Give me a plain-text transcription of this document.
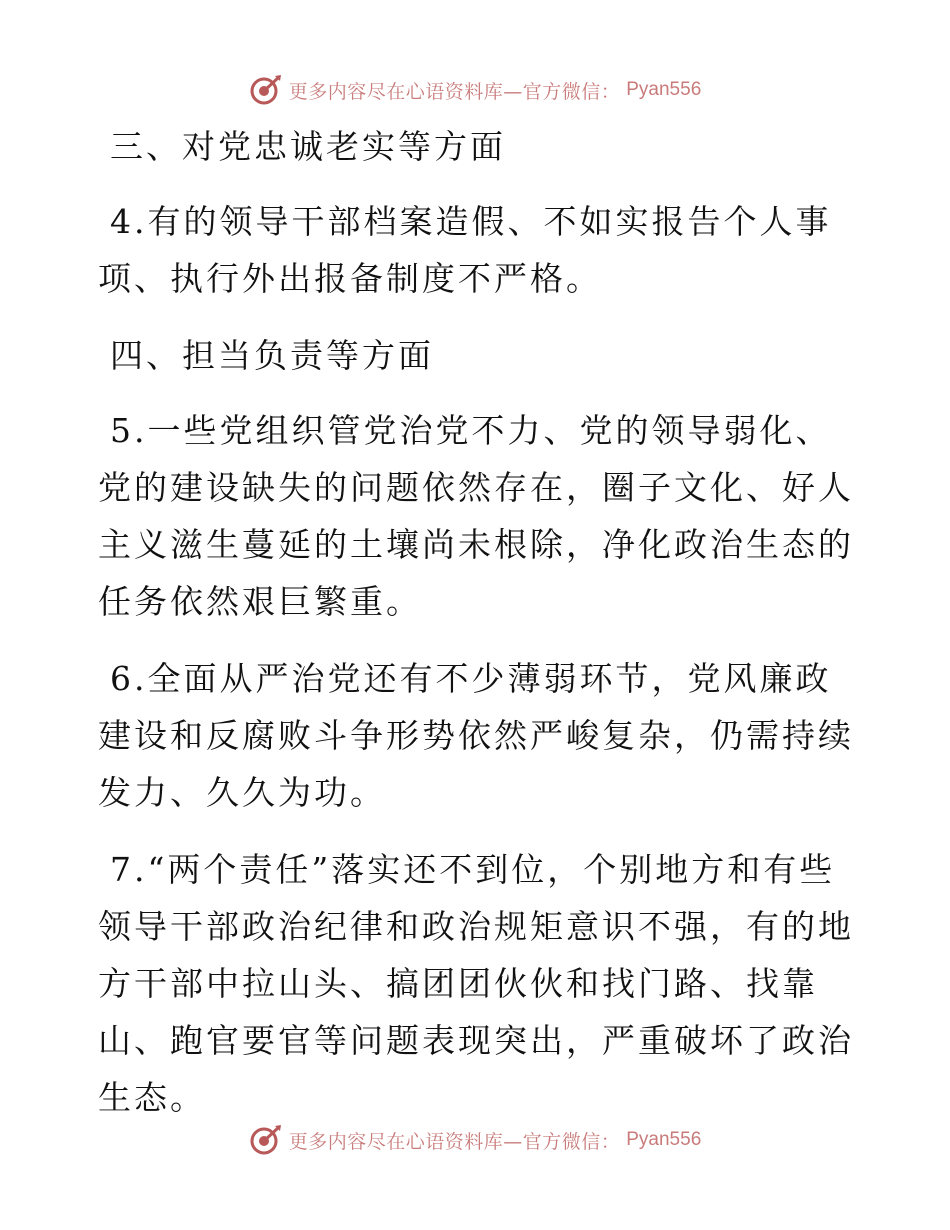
更多内容尽在心语资料库—官方微信： Pyan556

三、对党忠诚老实等方面

4.有的领导干部档案造假、不如实报告个人事项、执行外出报备制度不严格。

四、担当负责等方面

5.一些党组织管党治党不力、党的领导弱化、党的建设缺失的问题依然存在，圈子文化、好人主义滋生蔓延的土壤尚未根除，净化政治生态的任务依然艰巨繁重。

6.全面从严治党还有不少薄弱环节，党风廉政建设和反腐败斗争形势依然严峻复杂，仍需持续发力、久久为功。

7.“两个责任”落实还不到位，个别地方和有些领导干部政治纪律和政治规矩意识不强，有的地方干部中拉山头、搞团团伙伙和找门路、找靠山、跑官要官等问题表现突出，严重破坏了政治生态。

更多内容尽在心语资料库—官方微信： Pyan556
